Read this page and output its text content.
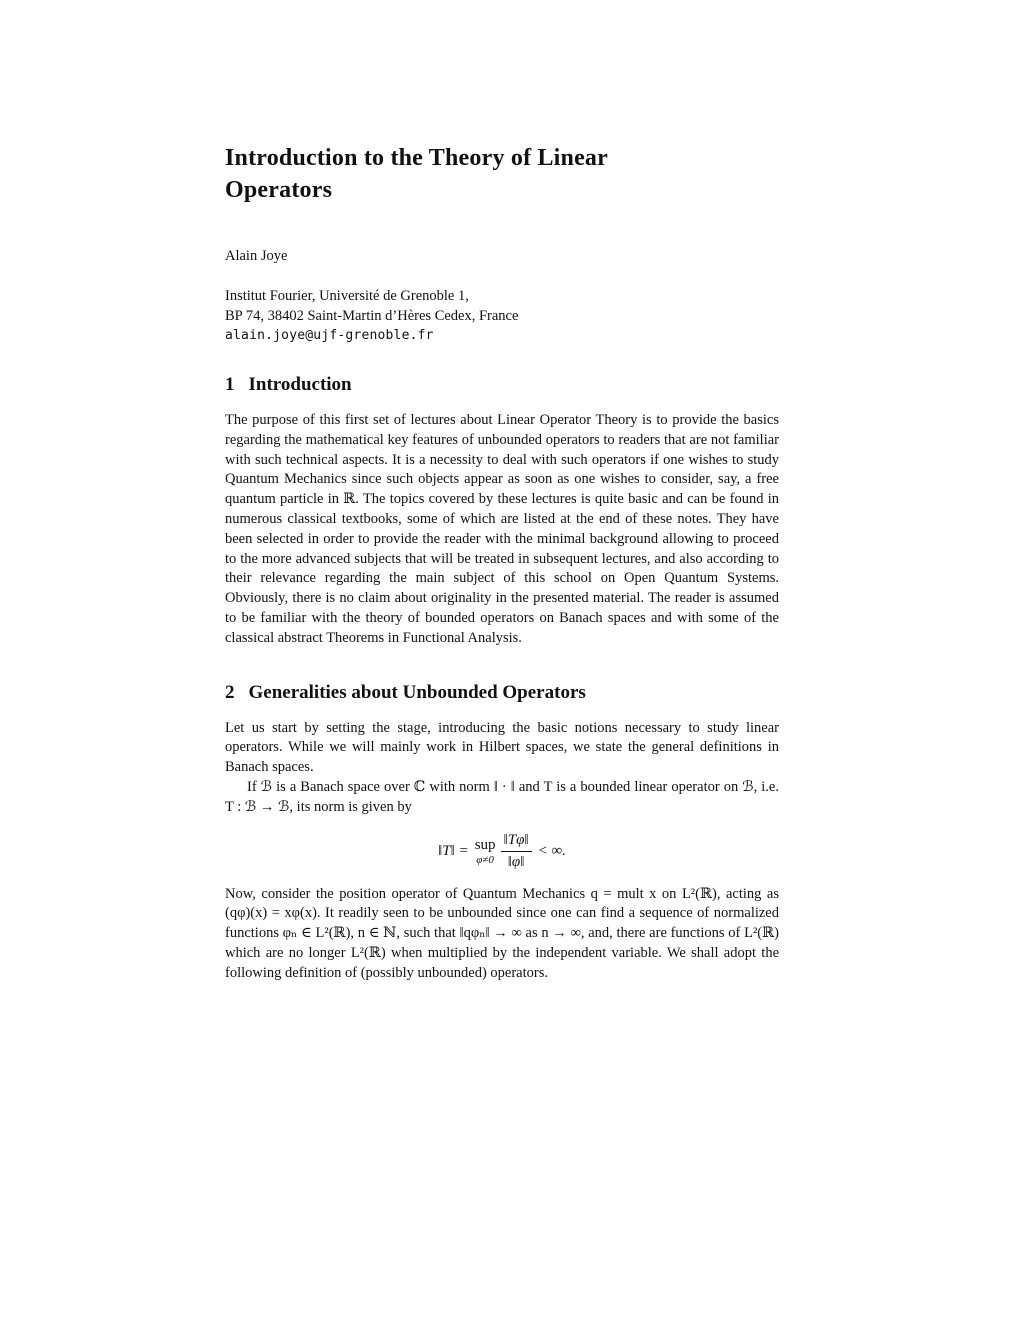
Introduction to the Theory of Linear
Operators

Alain Joye

Institut Fourier, Université de Grenoble 1,
BP 74, 38402 Saint-Martin d’Hères Cedex, France
alain.joye@ujf-grenoble.fr
1 Introduction

The purpose of this first set of lectures about Linear Operator Theory is to provide the basics regarding the mathematical key features of unbounded operators to readers that are not familiar with such technical aspects. It is a necessity to deal with such operators if one wishes to study Quantum Mechanics since such objects appear as soon as one wishes to consider, say, a free quantum particle in ℝ. The topics covered by these lectures is quite basic and can be found in numerous classical textbooks, some of which are listed at the end of these notes. They have been selected in order to provide the reader with the minimal background allowing to proceed to the more advanced subjects that will be treated in subsequent lectures, and also according to their relevance regarding the main subject of this school on Open Quantum Systems. Obviously, there is no claim about originality in the presented material. The reader is assumed to be familiar with the theory of bounded operators on Banach spaces and with some of the classical abstract Theorems in Functional Analysis.

2 Generalities about Unbounded Operators

Let us start by setting the stage, introducing the basic notions necessary to study linear operators. While we will mainly work in Hilbert spaces, we state the general definitions in Banach spaces.

If ℬ is a Banach space over ℂ with norm ‖ · ‖ and T is a bounded linear operator on ℬ, i.e. T : ℬ → ℬ, its norm is given by

‖T‖ = sup
$\varphi\ne 0 \frac{‖T\varphi‖}{‖\varphi‖}$ < ∞.

Now, consider the position operator of Quantum Mechanics q = mult x on L²(ℝ), acting as (qφ)(x) = xφ(x). It readily seen to be unbounded since one can find a sequence of normalized functions φₙ ∈ L²(ℝ), n ∈ ℕ, such that ‖qφₙ‖ → ∞ as n → ∞, and, there are functions of L²(ℝ) which are no longer L²(ℝ) when multiplied by the independent variable. We shall adopt the following definition of (possibly unbounded) operators.
